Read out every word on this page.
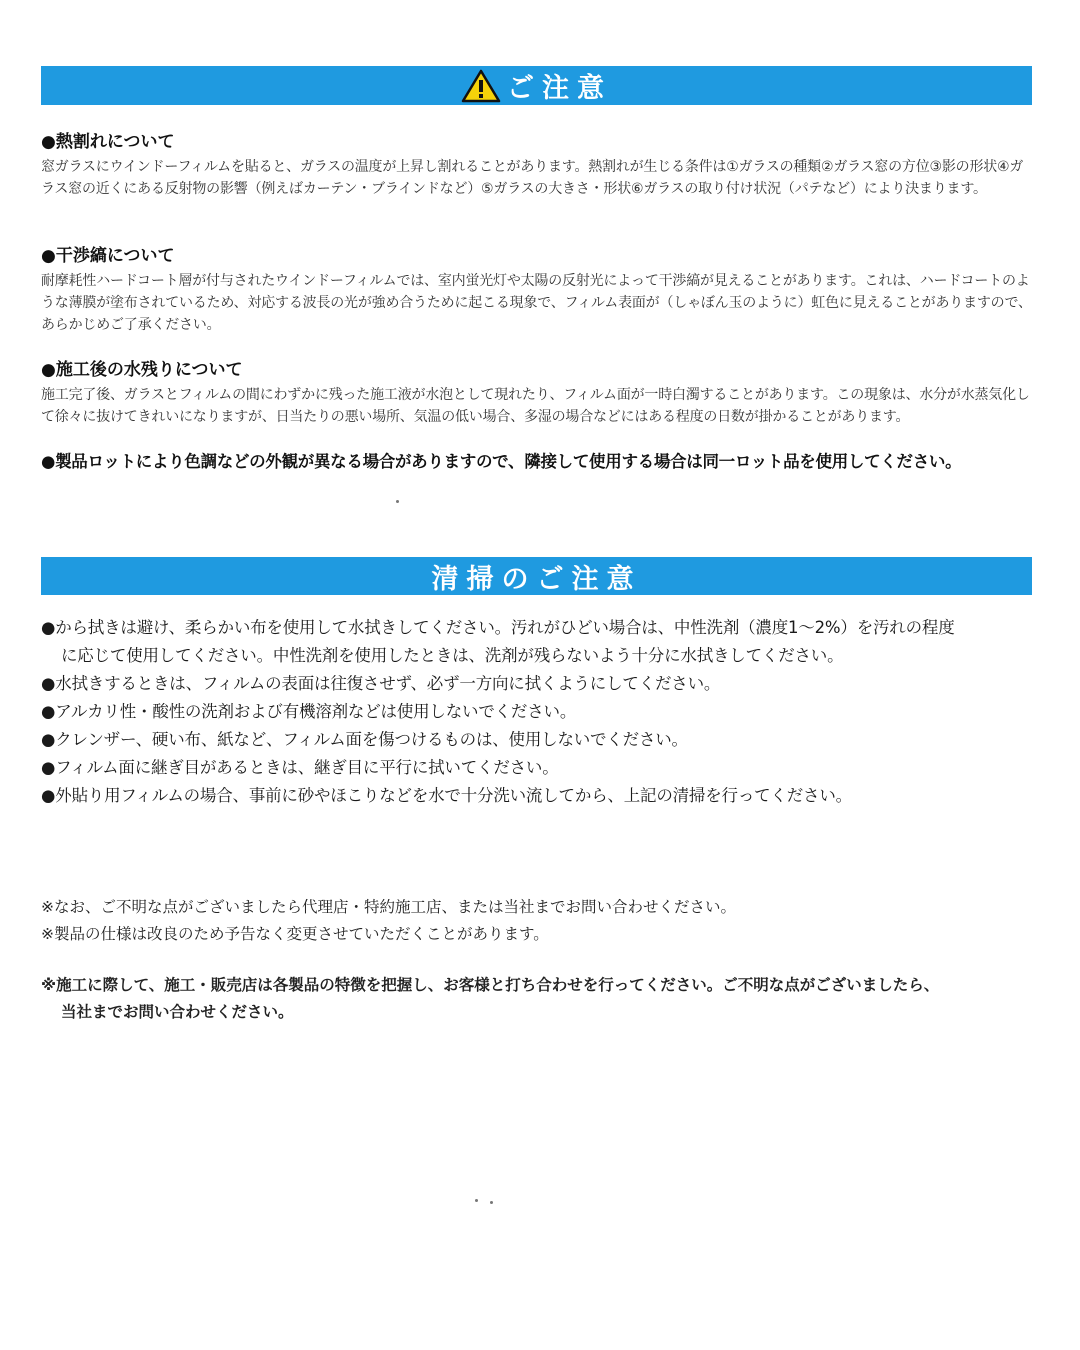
ご注意

●熱割れについて

窓ガラスにウインドーフィルムを貼ると、ガラスの温度が上昇し割れることがあります。熱割れが生じる条件は①ガラスの種類②ガラス窓の方位③影の形状④ガラス窓の近くにある反射物の影響（例えばカーテン・ブラインドなど）⑤ガラスの大きさ・形状⑥ガラスの取り付け状況（パテなど）により決まります。

●干渉縞について

耐摩耗性ハードコート層が付与されたウインドーフィルムでは、室内蛍光灯や太陽の反射光によって干渉縞が見えることがあります。これは、ハードコートのような薄膜が塗布されているため、対応する波長の光が強め合うために起こる現象で、フィルム表面が（しゃぼん玉のように）虹色に見えることがありますので、あらかじめご了承ください。

●施工後の水残りについて

施工完了後、ガラスとフィルムの間にわずかに残った施工液が水泡として現れたり、フィルム面が一時白濁することがあります。この現象は、水分が水蒸気化して徐々に抜けてきれいになりますが、日当たりの悪い場所、気温の低い場合、多湿の場合などにはある程度の日数が掛かることがあります。

●製品ロットにより色調などの外観が異なる場合がありますので、隣接して使用する場合は同一ロット品を使用してください。
清掃のご注意
●から拭きは避け、柔らかい布を使用して水拭きしてください。汚れがひどい場合は、中性洗剤（濃度1〜2%）を汚れの程度
に応じて使用してください。中性洗剤を使用したときは、洗剤が残らないよう十分に水拭きしてください。
●水拭きするときは、フィルムの表面は往復させず、必ず一方向に拭くようにしてください。
●アルカリ性・酸性の洗剤および有機溶剤などは使用しないでください。
●クレンザー、硬い布、紙など、フィルム面を傷つけるものは、使用しないでください。
●フィルム面に継ぎ目があるときは、継ぎ目に平行に拭いてください。
●外貼り用フィルムの場合、事前に砂やほこりなどを水で十分洗い流してから、上記の清掃を行ってください。
※なお、ご不明な点がございましたら代理店・特約施工店、または当社までお問い合わせください。
※製品の仕様は改良のため予告なく変更させていただくことがあります。
※施工に際して、施工・販売店は各製品の特徴を把握し、お客様と打ち合わせを行ってください。ご不明な点がございましたら、
当社までお問い合わせください。
